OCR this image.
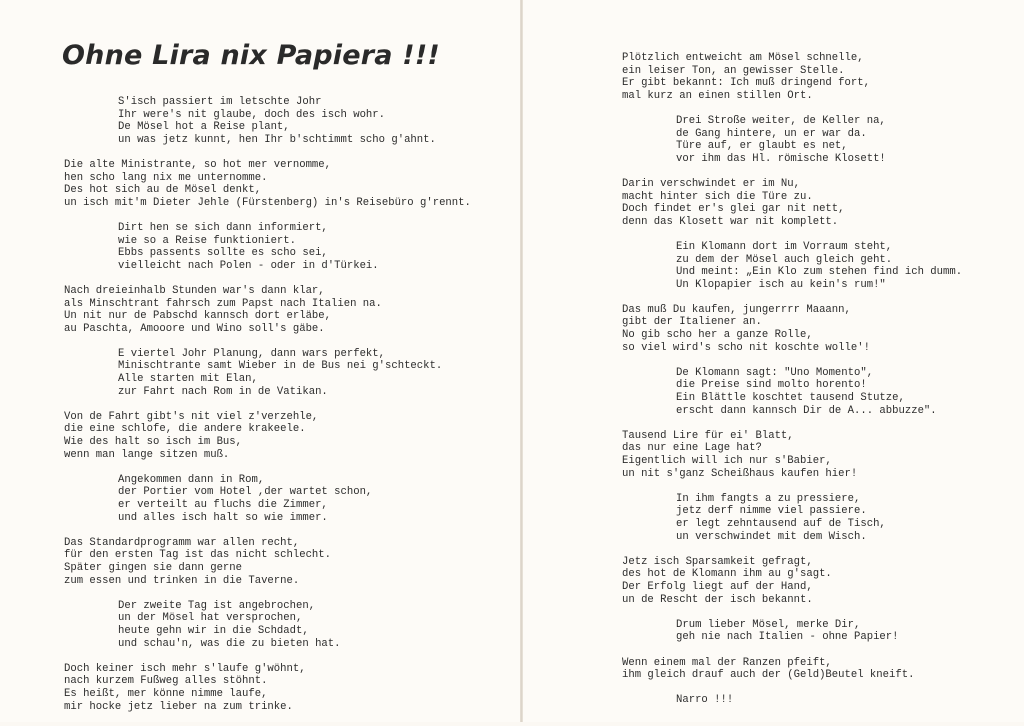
Ohne Lira nix Papiera !!!
S'isch passiert im letschte Johr
Ihr were's nit glaube, doch des isch wohr.
De Mösel hot a Reise plant,
un was jetz kunnt, hen Ihr b'schtimmt scho g'ahnt.
Die alte Ministrante, so hot mer vernomme,
hen scho lang nix me unternomme.
Des hot sich au de Mösel denkt,
un isch mit'm Dieter Jehle (Fürstenberg) in's Reisebüro g'rennt.
Dirt hen se sich dann informiert,
wie so a Reise funktioniert.
Ebbs passents sollte es scho sei,
vielleicht nach Polen - oder in d'Türkei.
Nach dreieinhalb Stunden war's dann klar,
als Minschtrant fahrsch zum Papst nach Italien na.
Un nit nur de Pabschd kannsch dort erläbe,
au Paschta, Amooore und Wino soll's gäbe.
E viertel Johr Planung, dann wars perfekt,
Minischtrante samt Wieber in de Bus nei g'schteckt.
Alle starten mit Elan,
zur Fahrt nach Rom in de Vatikan.
Von de Fahrt gibt's nit viel z'verzehle,
die eine schlofe, die andere krakeele.
Wie des halt so isch im Bus,
wenn man lange sitzen muß.
Angekommen dann in Rom,
der Portier vom Hotel ,der wartet schon,
er verteilt au fluchs die Zimmer,
und alles isch halt so wie immer.
Das Standardprogramm war allen recht,
für den ersten Tag ist das nicht schlecht.
Später gingen sie dann gerne
zum essen und trinken in die Taverne.
Der zweite Tag ist angebrochen,
un der Mösel hat versprochen,
heute gehn wir in die Schdadt,
und schau'n, was die zu bieten hat.
Doch keiner isch mehr s'laufe g'wöhnt,
nach kurzem Fußweg alles stöhnt.
Es heißt, mer könne nimme laufe,
mir hocke jetz lieber na zum trinke.
Plötzlich entweicht am Mösel schnelle,
ein leiser Ton, an gewisser Stelle.
Er gibt bekannt: Ich muß dringend fort,
mal kurz an einen stillen Ort.
Drei Stroße weiter, de Keller na,
de Gang hintere, un er war da.
Türe auf, er glaubt es net,
vor ihm das Hl. römische Klosett!
Darin verschwindet er im Nu,
macht hinter sich die Türe zu.
Doch findet er's glei gar nit nett,
denn das Klosett war nit komplett.
Ein Klomann dort im Vorraum steht,
zu dem der Mösel auch gleich geht.
Und meint: „Ein Klo zum stehen find ich dumm.
Un Klopapier isch au kein's rum!"
Das muß Du kaufen, jungerrrr Maaann,
gibt der Italiener an.
No gib scho her a ganze Rolle,
so viel wird's scho nit koschte wolle'!
De Klomann sagt: "Uno Momento",
die Preise sind molto horento!
Ein Blättle koschtet tausend Stutze,
erscht dann kannsch Dir de A... abbuzze".
Tausend Lire für ei' Blatt,
das nur eine Lage hat?
Eigentlich will ich nur s'Babier,
un nit s'ganz Scheißhaus kaufen hier!
In ihm fangts a zu pressiere,
jetz derf nimme viel passiere.
er legt zehntausend auf de Tisch,
un verschwindet mit dem Wisch.
Jetz isch Sparsamkeit gefragt,
des hot de Klomann ihm au g'sagt.
Der Erfolg liegt auf der Hand,
un de Rescht der isch bekannt.
Drum lieber Mösel, merke Dir,
geh nie nach Italien - ohne Papier!
Wenn einem mal der Ranzen pfeift,
ihm gleich drauf auch der (Geld)Beutel kneift.
Narro !!!
